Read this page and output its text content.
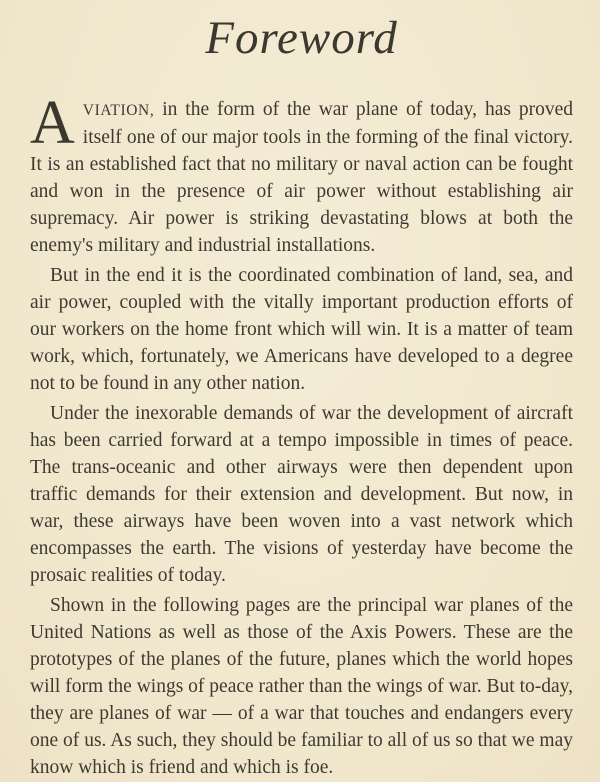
Foreword

AVIATION, in the form of the war plane of today, has proved itself one of our major tools in the forming of the final victory. It is an established fact that no military or naval action can be fought and won in the presence of air power without establishing air supremacy. Air power is striking devastating blows at both the enemy's military and industrial installations.

But in the end it is the coordinated combination of land, sea, and air power, coupled with the vitally important production efforts of our workers on the home front which will win. It is a matter of team work, which, fortunately, we Americans have developed to a degree not to be found in any other nation.

Under the inexorable demands of war the development of aircraft has been carried forward at a tempo impossible in times of peace. The trans-oceanic and other airways were then dependent upon traffic demands for their extension and development. But now, in war, these airways have been woven into a vast network which encompasses the earth. The visions of yesterday have become the prosaic realities of today.

Shown in the following pages are the principal war planes of the United Nations as well as those of the Axis Powers. These are the prototypes of the planes of the future, planes which the world hopes will form the wings of peace rather than the wings of war. But to-day, they are planes of war — of a war that touches and endangers every one of us. As such, they should be familiar to all of us so that we may know which is friend and which is foe.
